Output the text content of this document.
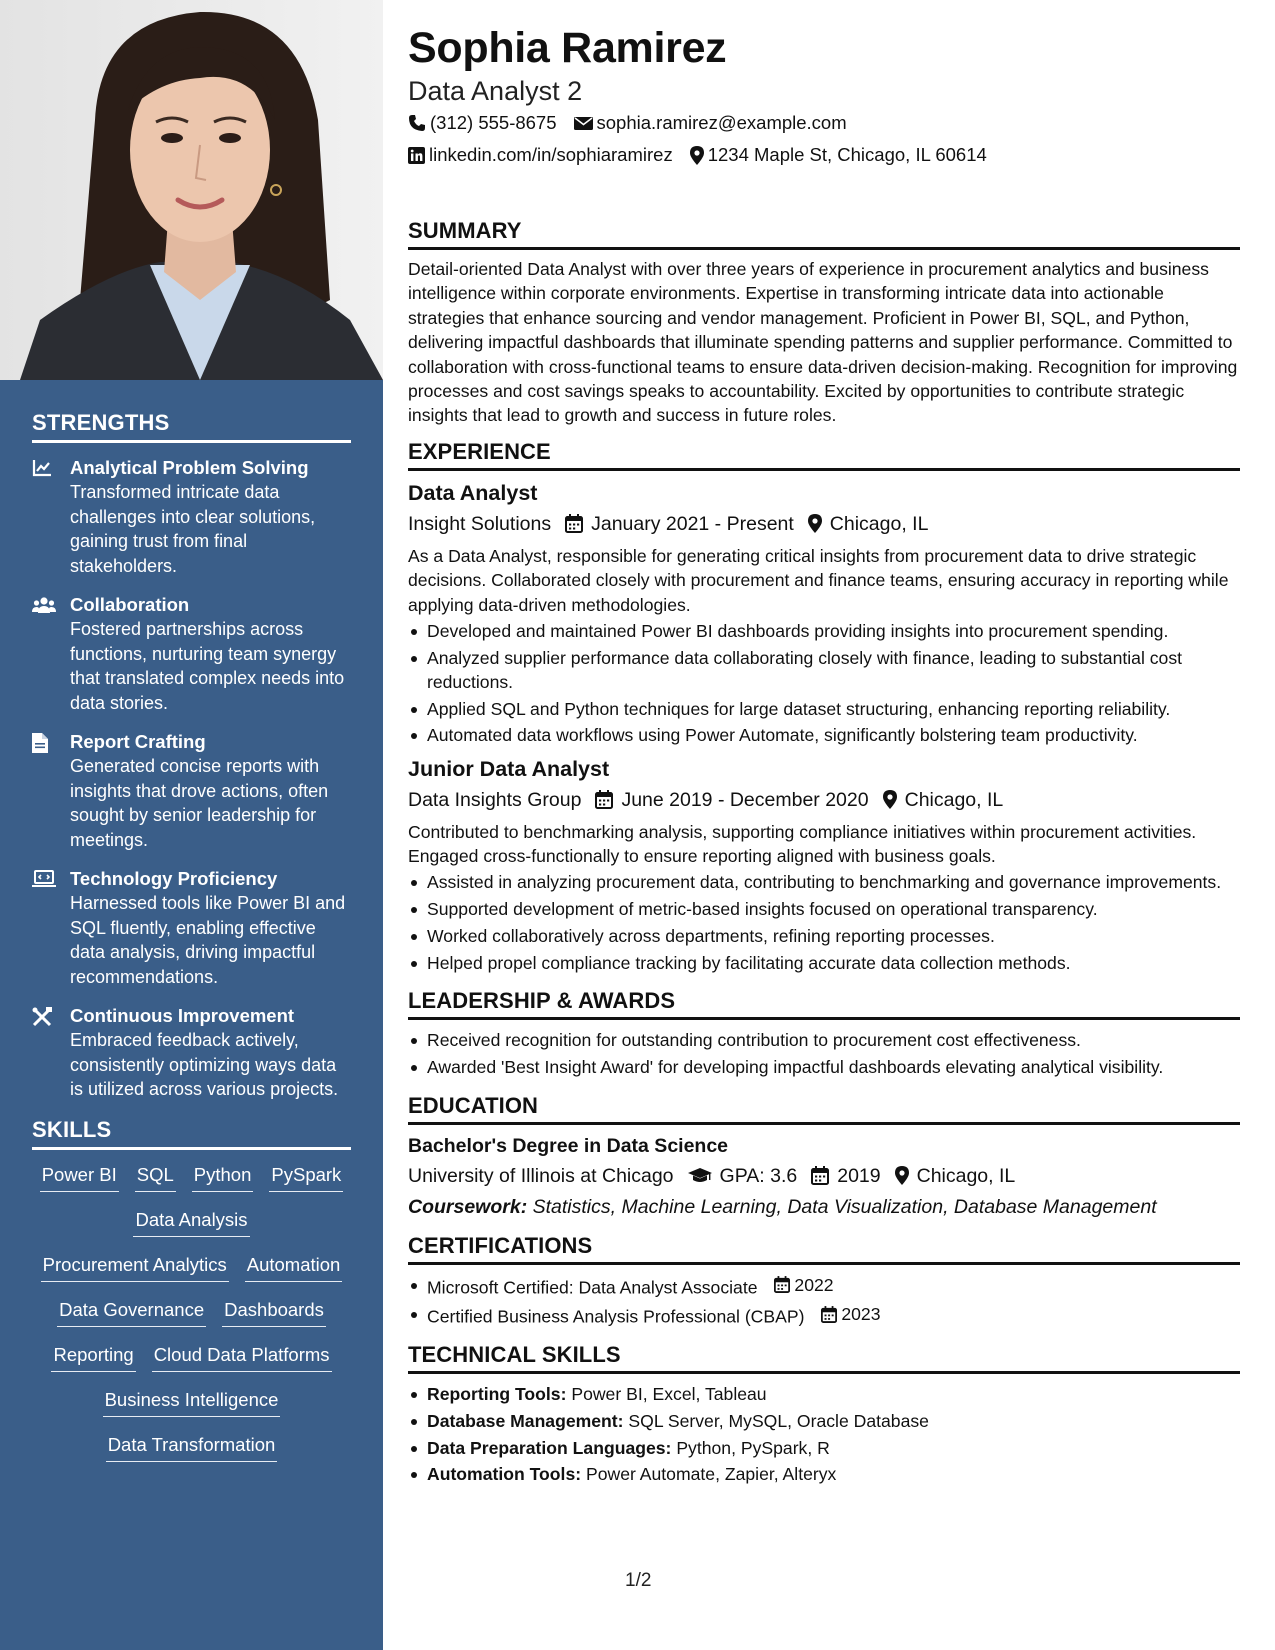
STRENGTHS
Analytical Problem Solving
Transformed intricate data challenges into clear solutions, gaining trust from final stakeholders.
Collaboration
Fostered partnerships across functions, nurturing team synergy that translated complex needs into data stories.
Report Crafting
Generated concise reports with insights that drove actions, often sought by senior leadership for meetings.
Technology Proficiency
Harnessed tools like Power BI and SQL fluently, enabling effective data analysis, driving impactful recommendations.
Continuous Improvement
Embraced feedback actively, consistently optimizing ways data is utilized across various projects.
SKILLS
Power BI SQL Python PySpark
Data Analysis
Procurement Analytics Automation
Data Governance Dashboards
Reporting Cloud Data Platforms
Business Intelligence
Data Transformation
Sophia Ramirez
Data Analyst 2
(312) 555-8675 sophia.ramirez@example.com
linkedin.com/in/sophiaramirez 1234 Maple St, Chicago, IL 60614
SUMMARY
Detail-oriented Data Analyst with over three years of experience in procurement analytics and business intelligence within corporate environments. Expertise in transforming intricate data into actionable strategies that enhance sourcing and vendor management. Proficient in Power BI, SQL, and Python, delivering impactful dashboards that illuminate spending patterns and supplier performance. Committed to collaboration with cross-functional teams to ensure data-driven decision-making. Recognition for improving processes and cost savings speaks to accountability. Excited by opportunities to contribute strategic insights that lead to growth and success in future roles.
EXPERIENCE
Data Analyst
Insight Solutions January 2021 - Present Chicago, IL
As a Data Analyst, responsible for generating critical insights from procurement data to drive strategic decisions. Collaborated closely with procurement and finance teams, ensuring accuracy in reporting while applying data-driven methodologies.
Developed and maintained Power BI dashboards providing insights into procurement spending.
Analyzed supplier performance data collaborating closely with finance, leading to substantial cost reductions.
Applied SQL and Python techniques for large dataset structuring, enhancing reporting reliability.
Automated data workflows using Power Automate, significantly bolstering team productivity.
Junior Data Analyst
Data Insights Group June 2019 - December 2020 Chicago, IL
Contributed to benchmarking analysis, supporting compliance initiatives within procurement activities. Engaged cross-functionally to ensure reporting aligned with business goals.
Assisted in analyzing procurement data, contributing to benchmarking and governance improvements.
Supported development of metric-based insights focused on operational transparency.
Worked collaboratively across departments, refining reporting processes.
Helped propel compliance tracking by facilitating accurate data collection methods.
LEADERSHIP & AWARDS
Received recognition for outstanding contribution to procurement cost effectiveness.
Awarded 'Best Insight Award' for developing impactful dashboards elevating analytical visibility.
EDUCATION
Bachelor's Degree in Data Science
University of Illinois at Chicago GPA: 3.6 2019 Chicago, IL
Coursework: Statistics, Machine Learning, Data Visualization, Database Management
CERTIFICATIONS
Microsoft Certified: Data Analyst Associate 2022
Certified Business Analysis Professional (CBAP) 2023
TECHNICAL SKILLS
Reporting Tools: Power BI, Excel, Tableau
Database Management: SQL Server, MySQL, Oracle Database
Data Preparation Languages: Python, PySpark, R
Automation Tools: Power Automate, Zapier, Alteryx
1/2
